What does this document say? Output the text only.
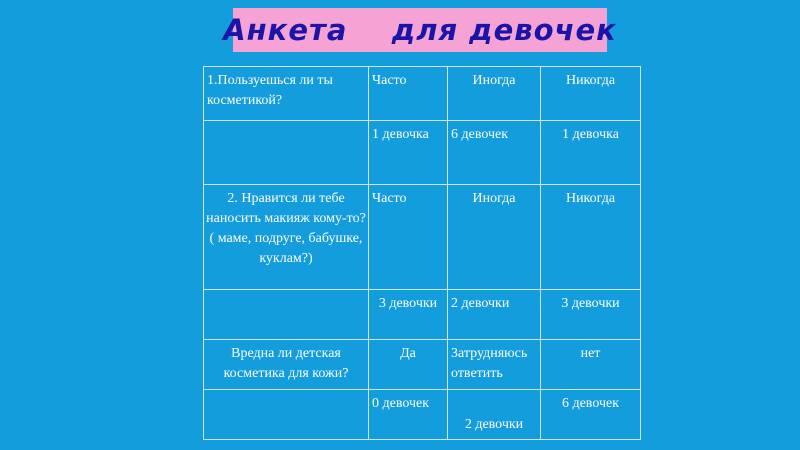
Анкета    для девочек
1.Пользуешься ли ты косметикой?	Часто	Иногда	Никогда
	1 девочка	6 девочек	1 девочка
2. Нравится ли тебе наносить макияж кому-то? ( маме, подруге, бабушке, куклам?)	Часто	Иногда	Никогда
	3 девочки	2 девочки	3 девочки
Вредна ли детская косметика для кожи?	Да	Затрудняюсь ответить	нет
	0 девочек	2 девочки	6 девочек
